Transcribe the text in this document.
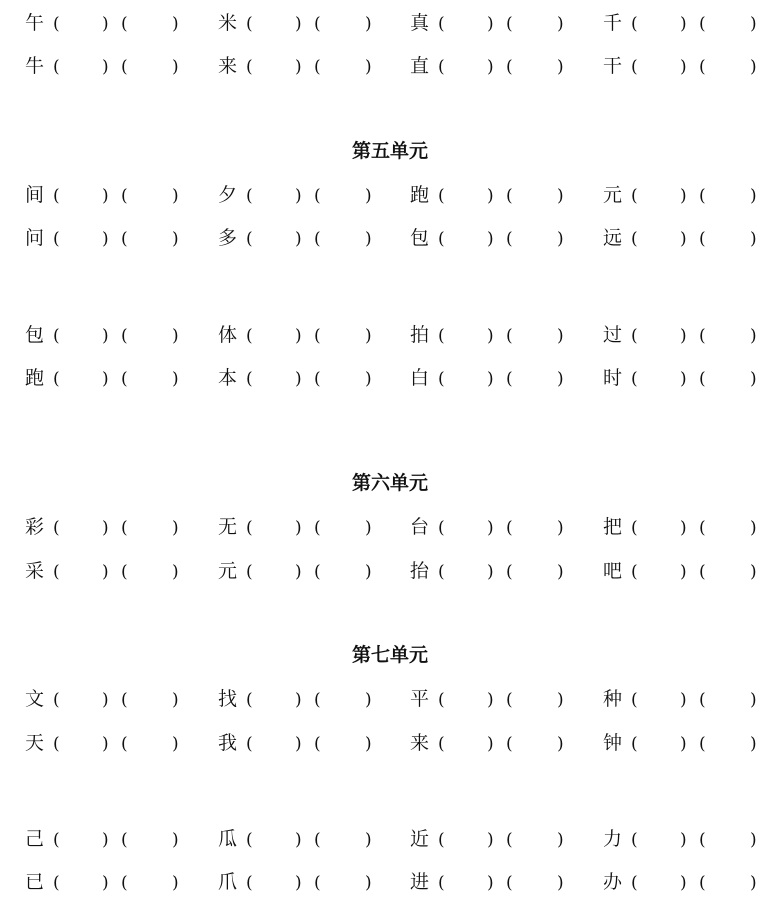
午 ( ) (	) 米 ( ) (	) 真 ( ) (	) 千 ( ) (	)
牛 ( ) (	) 来 ( ) (	) 直 ( ) (	) 干 ( ) (	)
第五单元
间 ( ) (	) 夕 ( ) (	) 跑 ( ) (	) 元 ( ) (	)
问 ( ) (	) 多 ( ) (	) 包 ( ) (	) 远 ( ) (	)
包 ( ) (	) 体 ( ) (	) 拍 ( ) (	) 过 ( ) (	)
跑 ( ) (	) 本 ( ) (	) 白 ( ) (	) 时 ( ) (	)
第六单元
彩 ( ) (	) 无 ( ) (	) 台 ( ) (	) 把 ( ) (	)
采 ( ) (	) 元 ( ) (	) 抬 ( ) (	) 吧 ( ) (	)
第七单元
文 ( ) (	) 找 ( ) (	) 平 ( ) (	) 种 ( ) (	)
天 ( ) (	) 我 ( ) (	) 来 ( ) (	) 钟 ( ) (	)
己 ( ) (	) 瓜 ( ) (	) 近 ( ) (	) 力 ( ) (	)
已 ( ) (	) 爪 ( ) (	) 进 ( ) (	) 办 ( ) (	)
